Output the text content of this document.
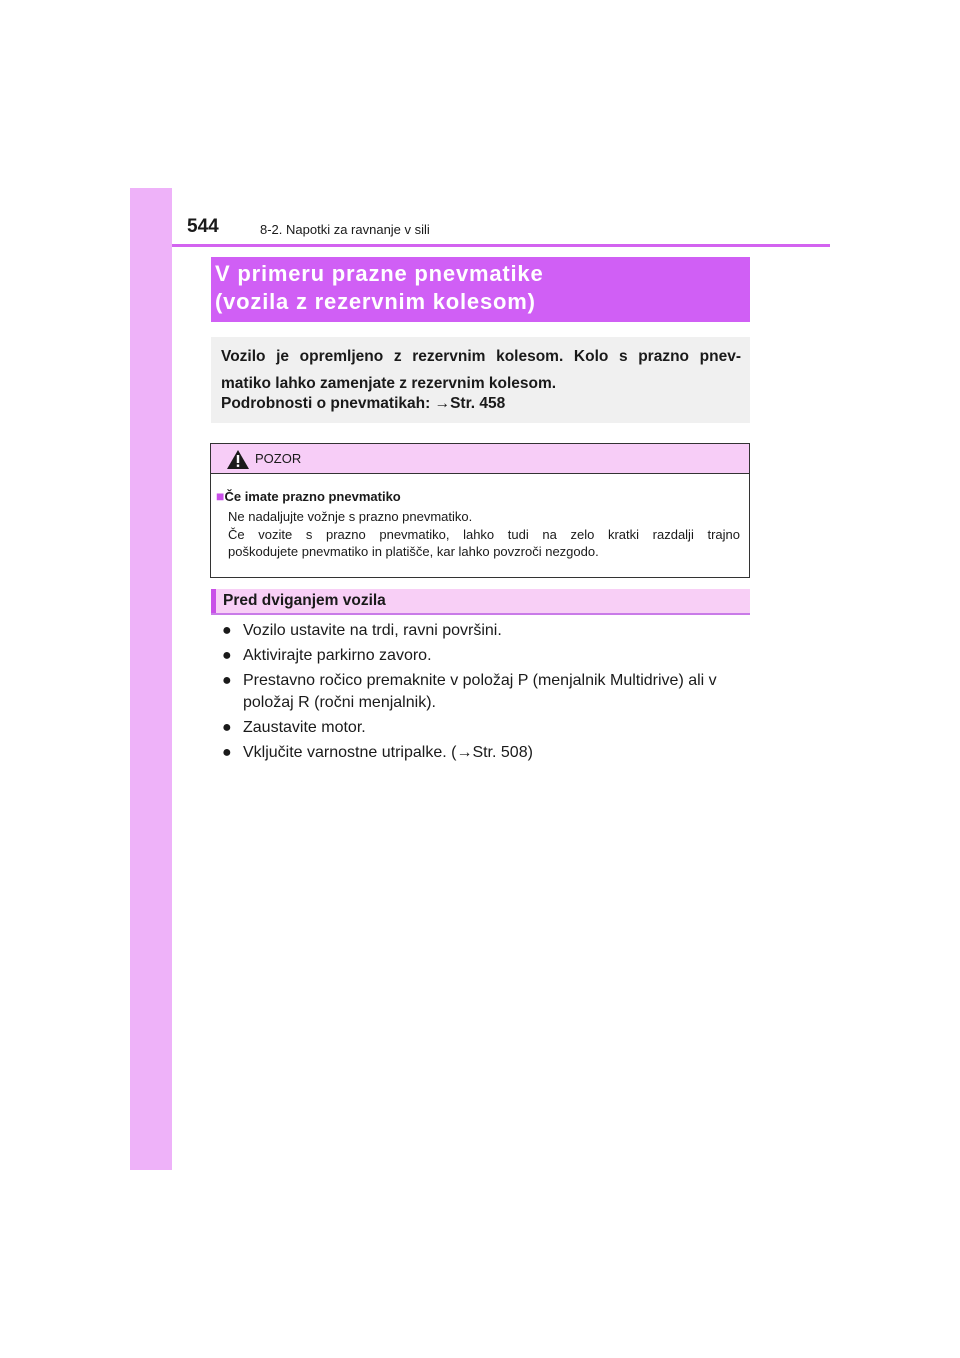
544	8-2. Napotki za ravnanje v sili
V primeru prazne pnevmatike
(vozila z rezervnim kolesom)
Vozilo je opremljeno z rezervnim kolesom. Kolo s prazno pnev-
matiko lahko zamenjate z rezervnim kolesom.
Podrobnosti o pnevmatikah: →Str. 458
POZOR
■Če imate prazno pnevmatiko
Ne nadaljujte vožnje s prazno pnevmatiko.
Če vozite s prazno pnevmatiko, lahko tudi na zelo kratki razdalji trajno
poškodujete pnevmatiko in platišče, kar lahko povzroči nezgodo.
Pred dviganjem vozila
● Vozilo ustavite na trdi, ravni površini.
● Aktivirajte parkirno zavoro.
● Prestavno ročico premaknite v položaj P (menjalnik Multidrive) ali v položaj R (ročni menjalnik).
● Zaustavite motor.
● Vključite varnostne utripalke. (→Str. 508)
